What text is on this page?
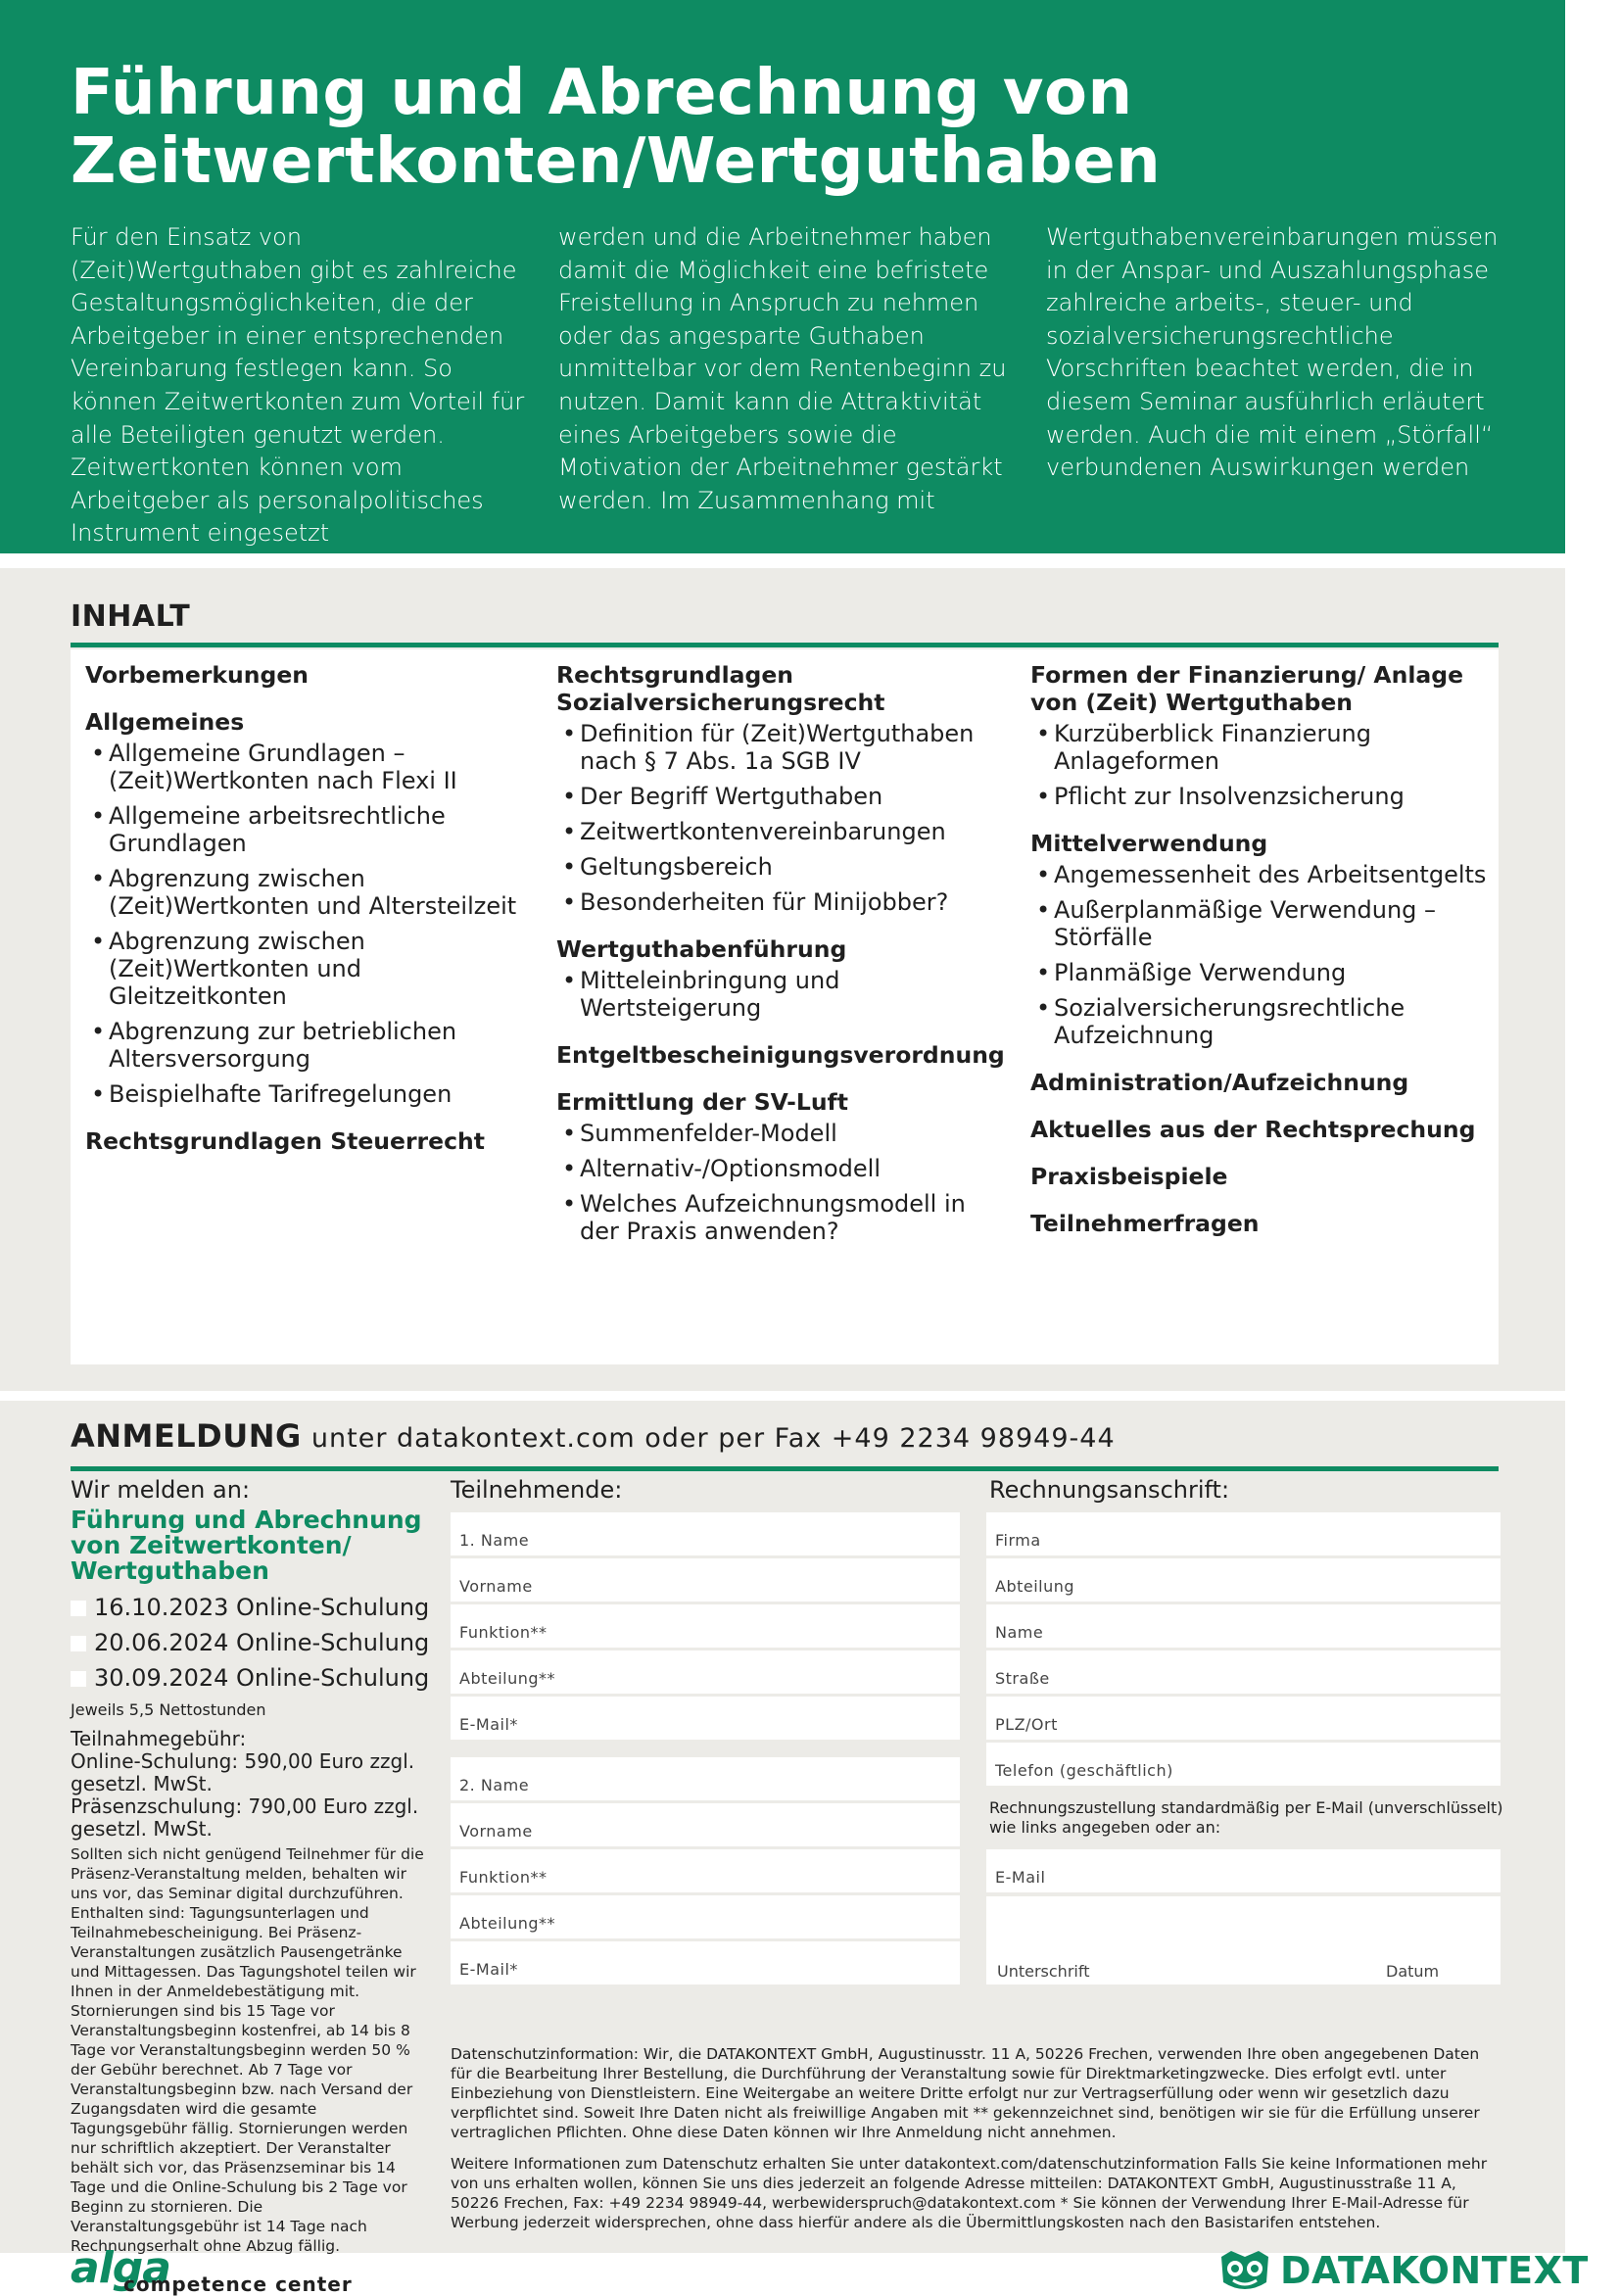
Führung und Abrechnung von
Zeitwertkonten/Wertguthaben
Für den Einsatz von (Zeit)Wertguthaben gibt es zahlreiche Gestaltungsmöglichkeiten, die der Arbeitgeber in einer entsprechenden Vereinbarung festlegen kann. So können Zeitwertkonten zum Vorteil für alle Beteiligten genutzt werden. Zeitwertkonten können vom Arbeitgeber als personalpolitisches Instrument eingesetzt
werden und die Arbeitnehmer haben damit die Möglichkeit eine befristete Freistellung in Anspruch zu nehmen oder das angesparte Guthaben unmittelbar vor dem Rentenbeginn zu nutzen. Damit kann die Attraktivität eines Arbeitgebers sowie die Motivation der Arbeitnehmer gestärkt werden. Im Zusammenhang mit
Wertguthabenvereinbarungen müssen in der Anspar- und Auszahlungsphase zahlreiche arbeits-, steuer- und sozialversicherungsrechtliche Vorschriften beachtet werden, die in diesem Seminar ausführlich erläutert werden. Auch die mit einem „Störfall“ verbundenen Auswirkungen werden
INHALT

Vorbemerkungen

Allgemeines

• Allgemeine Grundlagen – (Zeit)Wertkonten nach Flexi II
• Allgemeine arbeitsrechtliche Grundlagen
• Abgrenzung zwischen (Zeit)Wertkonten und Altersteilzeit
• Abgrenzung zwischen (Zeit)Wertkonten und Gleitzeitkonten
• Abgrenzung zur betrieblichen Altersversorgung
• Beispielhafte Tarifregelungen

Rechtsgrundlagen Steuerrecht

Rechtsgrundlagen Sozialversicherungsrecht

• Definition für (Zeit)Wertguthaben nach § 7 Abs. 1a SGB IV
• Der Begriff Wertguthaben
• Zeitwertkontenvereinbarungen
• Geltungsbereich
• Besonderheiten für Minijobber?

Wertguthabenführung

• Mitteleinbringung und Wertsteigerung

Entgeltbescheinigungsverordnung

Ermittlung der SV-Luft

• Summenfelder-Modell
• Alternativ-/Optionsmodell
• Welches Aufzeichnungsmodell in der Praxis anwenden?

Formen der Finanzierung/ Anlage von (Zeit) Wertguthaben

• Kurzüberblick Finanzierung Anlageformen
• Pflicht zur Insolvenzsicherung

Mittelverwendung

• Angemessenheit des Arbeitsentgelts
• Außerplanmäßige Verwendung – Störfälle
• Planmäßige Verwendung
• Sozialversicherungsrechtliche Aufzeichnung

Administration/Aufzeichnung

Aktuelles aus der Rechtsprechung

Praxisbeispiele

Teilnehmerfragen

ANMELDUNG unter datakontext.com oder per Fax +49 2234 98949-44
Wir melden an:
Führung und Abrechnung von Zeitwertkonten/ Wertguthaben
16.10.2023 Online-Schulung
20.06.2024 Online-Schulung
30.09.2024 Online-Schulung
Jeweils 5,5 Nettostunden
Teilnahmegebühr:
Online-Schulung: 590,00 Euro zzgl. gesetzl. MwSt.
Präsenzschulung: 790,00 Euro zzgl. gesetzl. MwSt.
Sollten sich nicht genügend Teilnehmer für die Präsenz-Veranstaltung melden, behalten wir uns vor, das Seminar digital durchzuführen. Enthalten sind: Tagungsunterlagen und Teilnahmebescheinigung. Bei Präsenz-Veranstaltungen zusätzlich Pausengetränke und Mittagessen. Das Tagungshotel teilen wir Ihnen in der Anmeldebestätigung mit. Stornierungen sind bis 15 Tage vor Veranstaltungsbeginn kostenfrei, ab 14 bis 8 Tage vor Veranstaltungsbeginn werden 50 % der Gebühr berechnet. Ab 7 Tage vor Veranstaltungsbeginn bzw. nach Versand der Zugangsdaten wird die gesamte Tagungsgebühr fällig. Stornierungen werden nur schriftlich akzeptiert. Der Veranstalter behält sich vor, das Präsenzseminar bis 14 Tage und die Online-Schulung bis 2 Tage vor Beginn zu stornieren. Die Veranstaltungsgebühr ist 14 Tage nach Rechnungserhalt ohne Abzug fällig.
Teilnehmende:
1. Name
Vorname
Funktion**
Abteilung**
E-Mail*
2. Name
Vorname
Funktion**
Abteilung**
E-Mail*
Rechnungsanschrift:
Firma
Abteilung
Name
Straße
PLZ/Ort
Telefon (geschäftlich)
Rechnungszustellung standardmäßig per E-Mail (unverschlüsselt) wie links angegeben oder an:
E-Mail
Unterschrift	Datum
Datenschutzinformation: Wir, die DATAKONTEXT GmbH, Augustinusstr. 11 A, 50226 Frechen, verwenden Ihre oben angegebenen Daten für die Bearbeitung Ihrer Bestellung, die Durchführung der Veranstaltung sowie für Direktmarketingzwecke. Dies erfolgt evtl. unter Einbeziehung von Dienstleistern. Eine Weitergabe an weitere Dritte erfolgt nur zur Vertragserfüllung oder wenn wir gesetzlich dazu verpflichtet sind. Soweit Ihre Daten nicht als freiwillige Angaben mit ** gekennzeichnet sind, benötigen wir sie für die Erfüllung unserer vertraglichen Pflichten. Ohne diese Daten können wir Ihre Anmeldung nicht annehmen.
Weitere Informationen zum Datenschutz erhalten Sie unter datakontext.com/datenschutzinformation Falls Sie keine Informationen mehr von uns erhalten wollen, können Sie uns dies jederzeit an folgende Adresse mitteilen: DATAKONTEXT GmbH, Augustinusstraße 11 A, 50226 Frechen, Fax: +49 2234 98949-44, werbewiderspruch@datakontext.com * Sie können der Verwendung Ihrer E-Mail-Adresse für Werbung jederzeit widersprechen, ohne dass hierfür andere als die Übermittlungskosten nach den Basistarifen entstehen.
alga
competence center	DATAKONTEXT
